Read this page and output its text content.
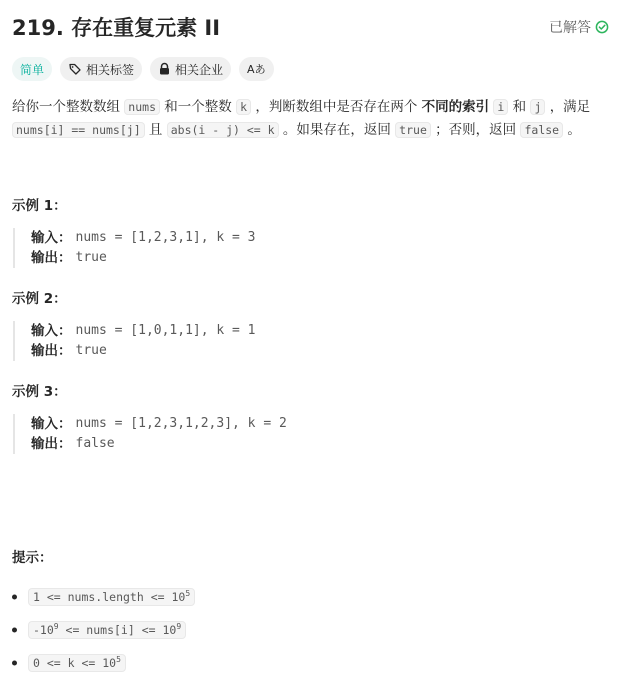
219. 存在重复元素 II	已解答
简单	相关标签	相关企业 Aあ
给你一个整数数组 nums 和一个整数 k ，判断数组中是否存在两个 不同的索引 i 和 j ，满足
nums[i] == nums[j] 且 abs(i - j) <= k 。如果存在，返回 true ；否则，返回 false 。
示例 1：
输入： nums = [1,2,3,1], k = 3
输出： true
示例 2：
输入： nums = [1,0,1,1], k = 1
输出： true
示例 3：
输入： nums = [1,2,3,1,2,3], k = 2
输出： false
提示：
1 <= nums.length <= $10^5$
$-10^9$ <= nums[i] <= $10^9$
$0 <= k <= 10^5$
